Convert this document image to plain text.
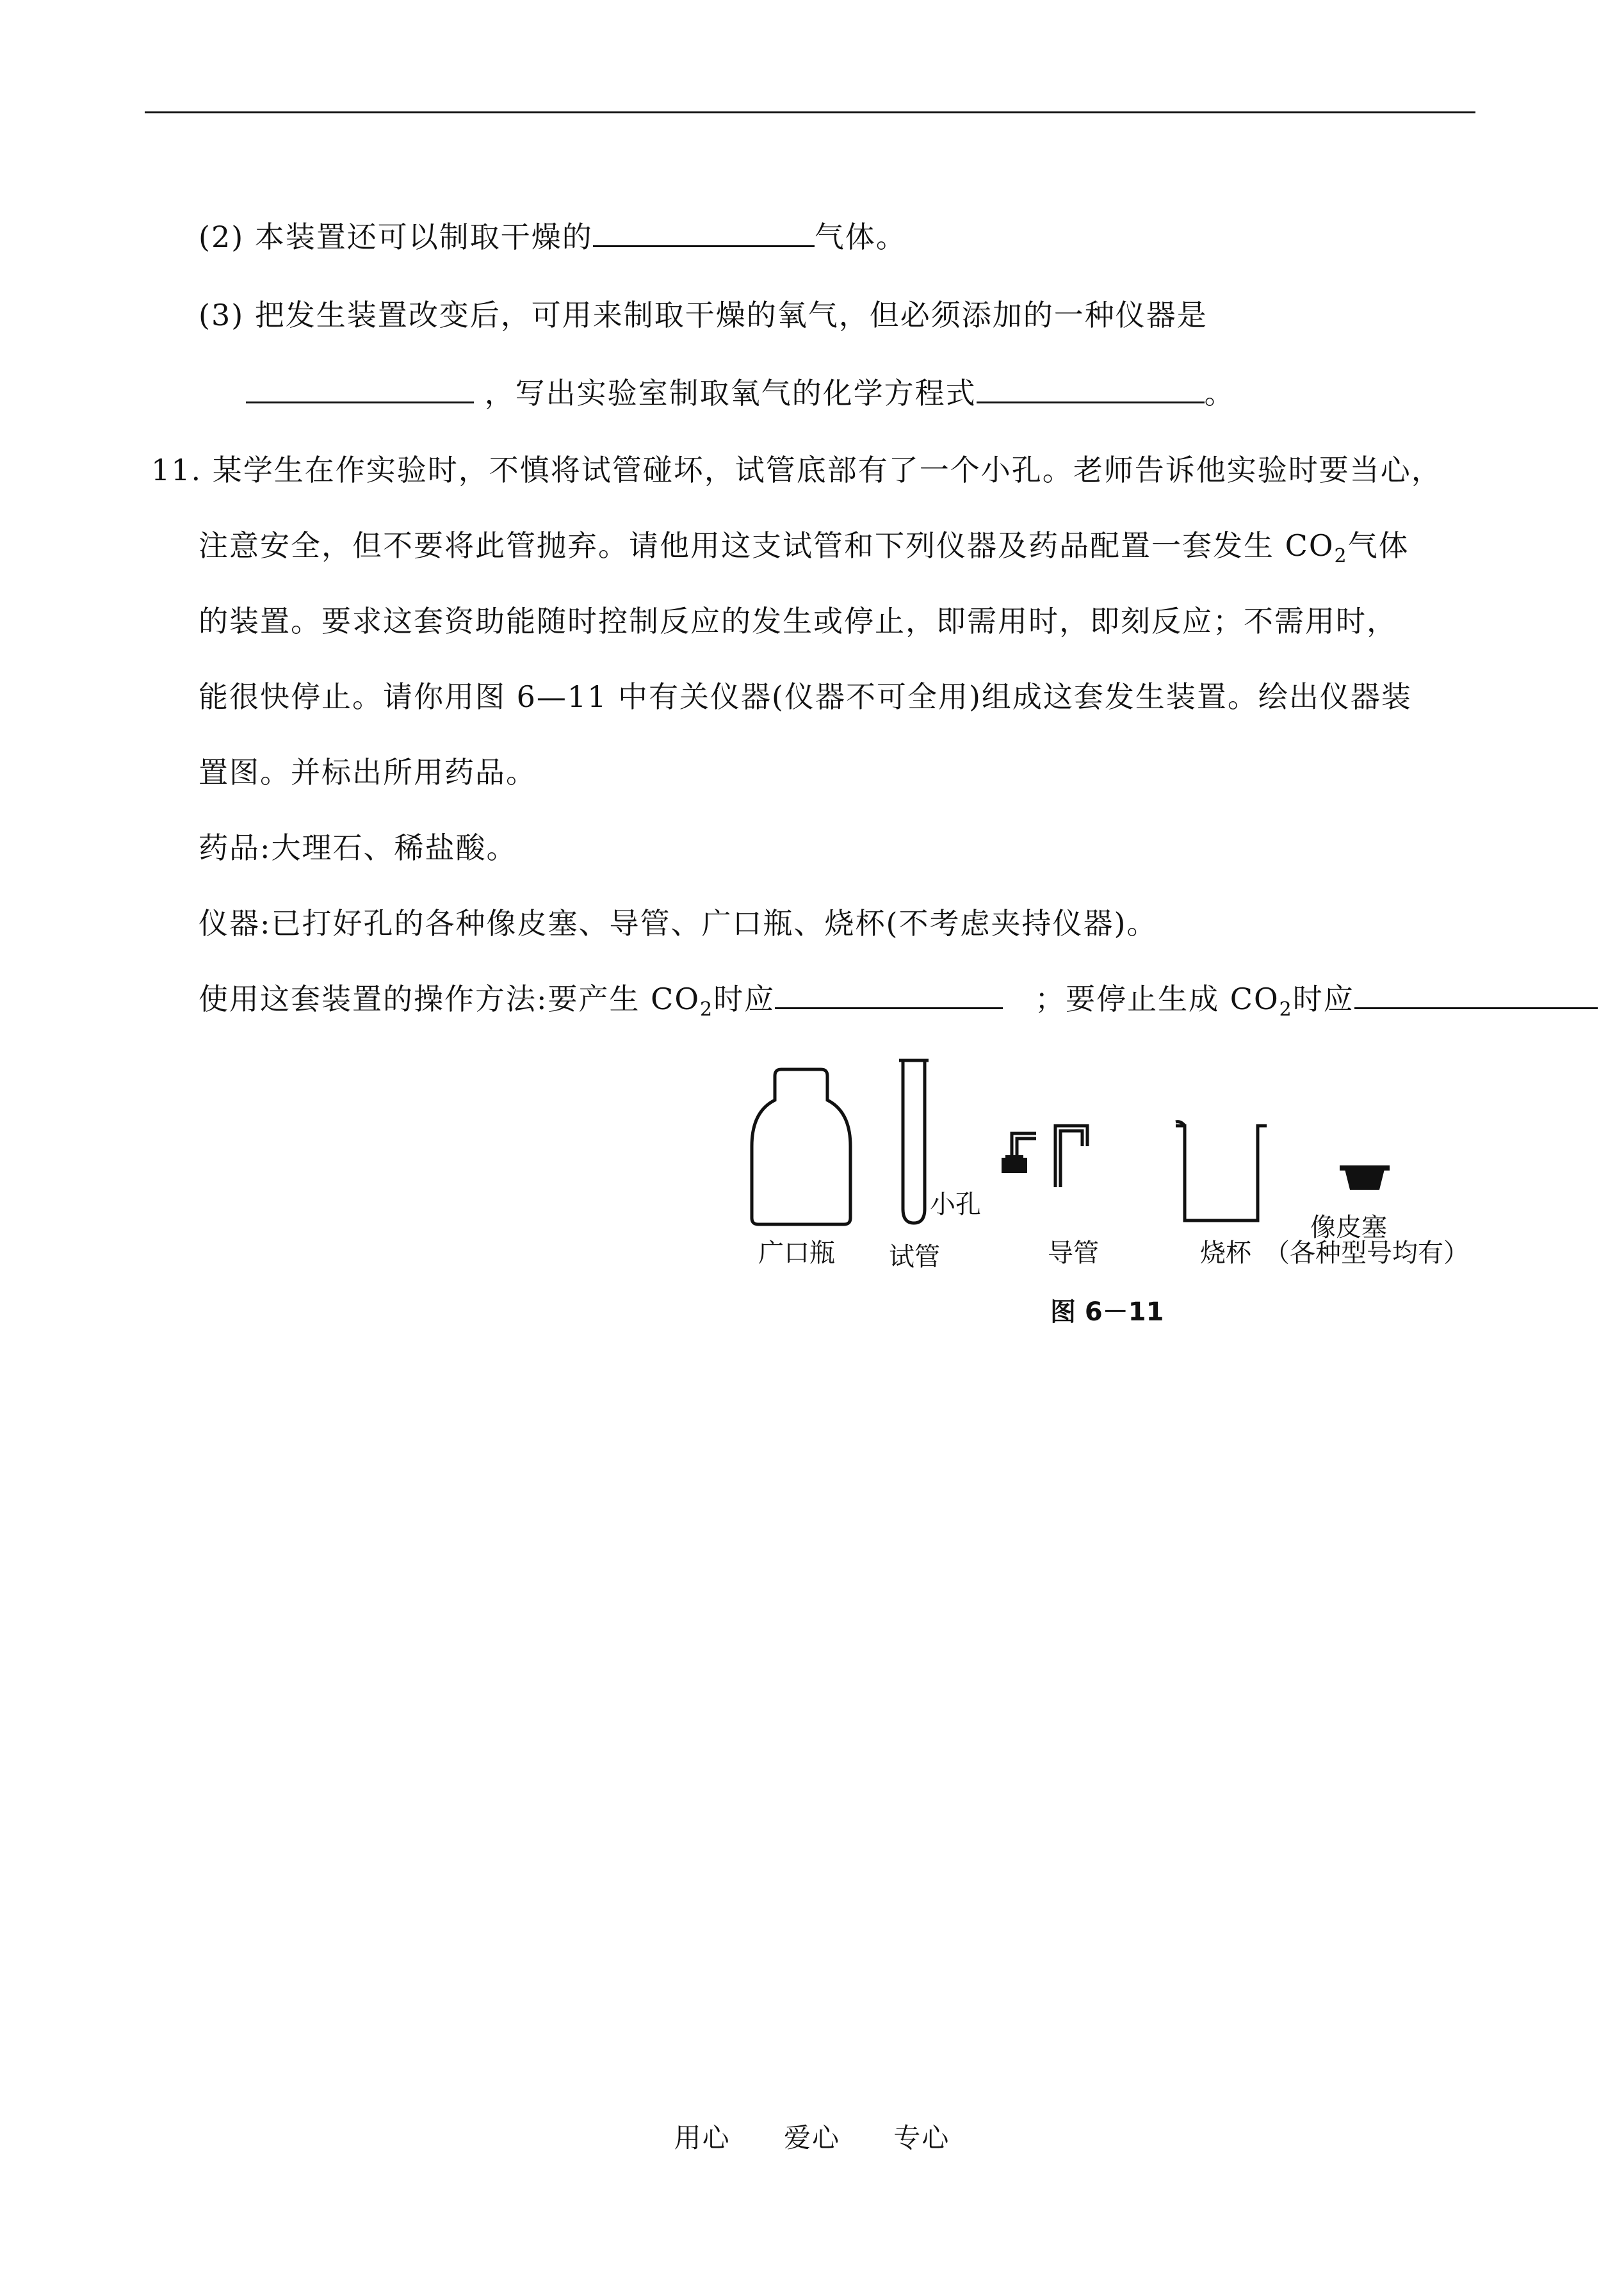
(2) 本装置还可以制取干燥的	气体。
(3) 把发生装置改变后，可用来制取干燥的氧气，但必须添加的一种仪器是
，写出实验室制取氧气的化学方程式	。
11. 某学生在作实验时，不慎将试管碰坏，试管底部有了一个小孔。老师告诉他实验时要当心，
注意安全，但不要将此管抛弃。请他用这支试管和下列仪器及药品配置一套发生 $CO_2$气体
的装置。要求这套资助能随时控制反应的发生或停止，即需用时，即刻反应；不需用时，
能很快停止。请你用图 6—11 中有关仪器(仪器不可全用)组成这套发生装置。绘出仪器装
置图。并标出所用药品。
药品:大理石、稀盐酸。
仪器:已打好孔的各种像皮塞、导管、广口瓶、烧杯(不考虑夹持仪器)。
使用这套装置的操作方法:要产生 $CO_2$时应	；要停止生成 $CO_2$时应
广口瓶
小孔
试管	导管	烧杯
像皮塞
（各种型号均有）
图 6－11
用心 爱心 专心
